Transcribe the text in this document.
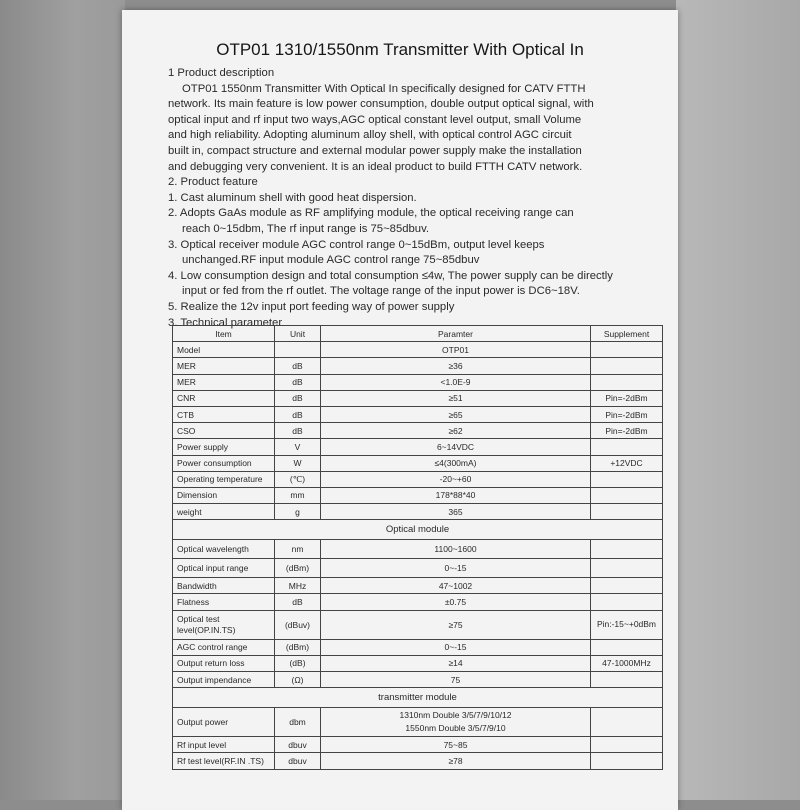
OTP01 1310/1550nm Transmitter With Optical In

1 Product description

OTP01 1550nm Transmitter With Optical In specifically designed for CATV FTTH

network. Its main feature is low power consumption, double output optical signal, with

optical input and rf input two ways,AGC optical constant level output, small Volume

and high reliability. Adopting aluminum alloy shell, with optical control AGC circuit

built in, compact structure and external modular power supply make the installation

and debugging very convenient. It is an ideal product to build FTTH CATV network.

2. Product feature

1. Cast aluminum shell with good heat dispersion.

2. Adopts GaAs module as RF amplifying module, the optical receiving range can

reach 0~15dbm, The rf input range is 75~85dbuv.

3. Optical receiver module AGC control range 0~15dBm, output level keeps

unchanged.RF input module AGC control range 75~85dbuv

4. Low consumption design and total consumption ≤4w, The power supply can be directly

input or fed from the rf outlet. The voltage range of the input power is DC6~18V.

5. Realize the 12v input port feeding way of power supply

3. Technical parameter

Item	Unit	Paramter	Supplement
Model		OTP01	
MER	dB	≥36	
MER	dB	<1.0E-9	
CNR	dB	≥51	Pin=-2dBm
CTB	dB	≥65	Pin=-2dBm
CSO	dB	≥62	Pin=-2dBm
Power supply	V	6~14VDC	
Power consumption	W	≤4(300mA)	+12VDC
Operating temperature	(℃)	-20~+60	
Dimension	mm	178*88*40	
weight	g	365	
Optical module			
Optical wavelength	nm	1100~1600	
Optical input range	(dBm)	0~-15	
Bandwidth	MHz	47~1002	
Flatness	dB	±0.75	
Optical test level(OP.IN.TS)	(dBuv)	≥75	Pin:-15~+0dBm
AGC control range	(dBm)	0~-15	
Output return loss	(dB)	≥14	47-1000MHz
Output impendance	(Ω)	75	
transmitter module			
Output power	dbm	1310nm Double 3/5/7/9/10/12
1550nm Double 3/5/7/9/10	

Rf input level	dbuv	75~85	
Rf test level(RF.IN .TS)	dbuv	≥78	
